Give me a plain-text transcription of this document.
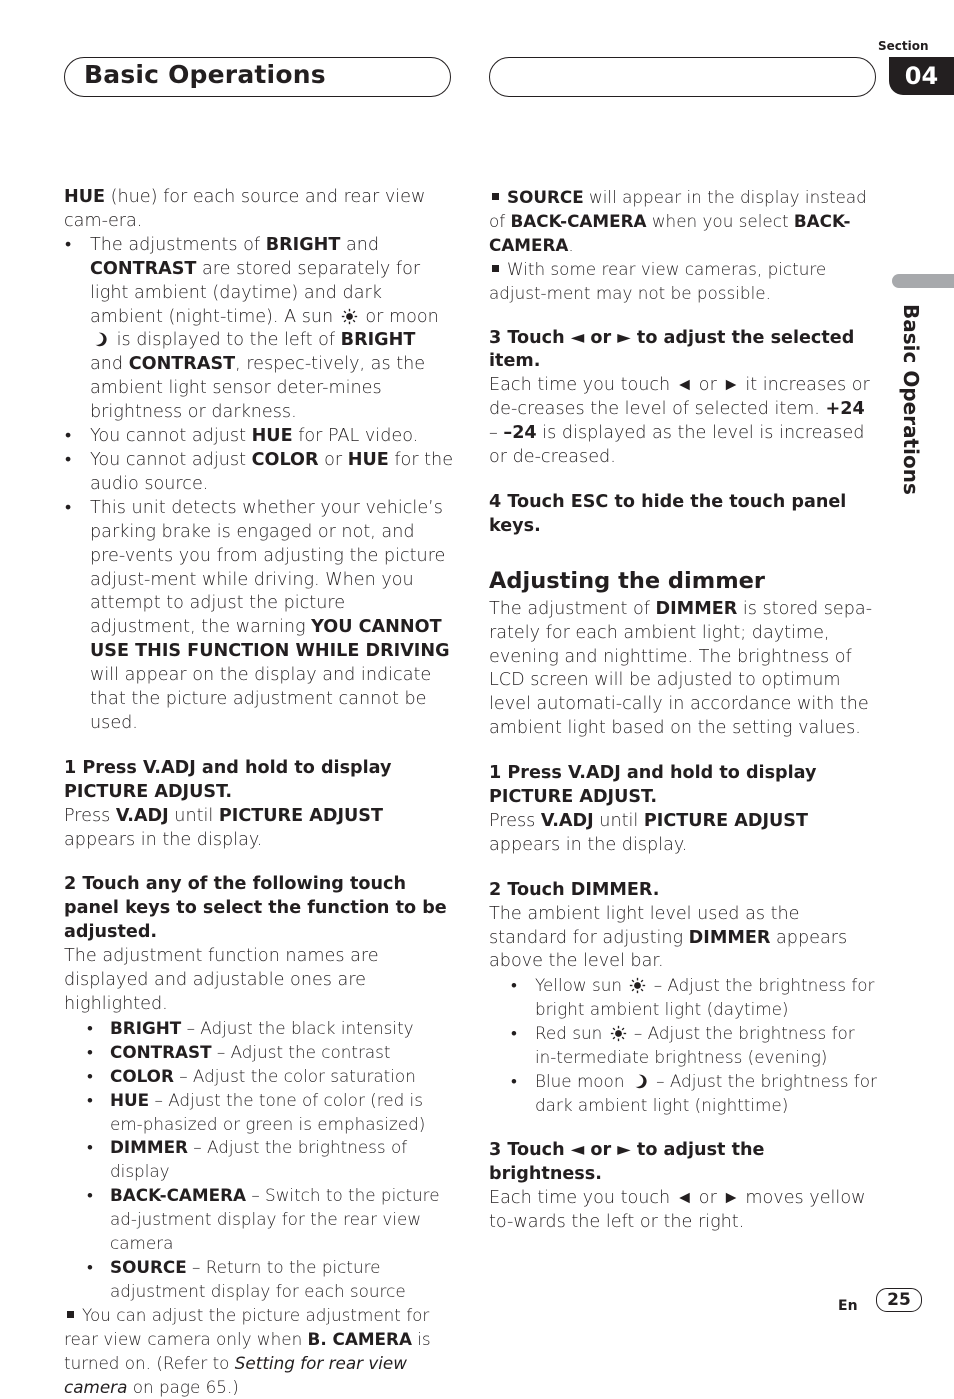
Basic Operations
Section
04
Basic Operations

HUE (hue) for each source and rear view cam-era.

• The adjustments of BRIGHT and CONTRAST are stored separately for light ambient (daytime) and dark ambient (night-time). A sun  or moon  is displayed to the left of BRIGHT and CONTRAST, respec-tively, as the ambient light sensor deter-mines brightness or darkness.

• You cannot adjust HUE for PAL video.

• You cannot adjust COLOR or HUE for the audio source.

• This unit detects whether your vehicle’s parking brake is engaged or not, and pre-vents you from adjusting the picture adjust-ment while driving. When you attempt to adjust the picture adjustment, the warning YOU CANNOT USE THIS FUNCTION WHILE DRIVING will appear on the display and indicate that the picture adjustment cannot be used.

1 Press V.ADJ and hold to display PICTURE ADJUST.

Press V.ADJ until PICTURE ADJUST appears in the display.

2 Touch any of the following touch panel keys to select the function to be adjusted.

The adjustment function names are displayed and adjustable ones are highlighted.

• BRIGHT – Adjust the black intensity

• CONTRAST – Adjust the contrast

• COLOR – Adjust the color saturation

• HUE – Adjust the tone of color (red is em-phasized or green is emphasized)

• DIMMER – Adjust the brightness of display

• BACK-CAMERA – Switch to the picture ad-justment display for the rear view camera

• SOURCE – Return to the picture adjustment display for each source

You can adjust the picture adjustment for rear view camera only when B. CAMERA is turned on. (Refer to Setting for rear view camera on page 65.)

SOURCE will appear in the display instead of BACK-CAMERA when you select BACK-CAMERA.

With some rear view cameras, picture adjust-ment may not be possible.

3 Touch ◄ or ► to adjust the selected item.

Each time you touch ◄ or ► it increases or de-creases the level of selected item. +24 – –24 is displayed as the level is increased or de-creased.

4 Touch ESC to hide the touch panel keys.

Adjusting the dimmer

The adjustment of DIMMER is stored sepa-rately for each ambient light; daytime, evening and nighttime. The brightness of LCD screen will be adjusted to optimum level automati-cally in accordance with the ambient light based on the setting values.

1 Press V.ADJ and hold to display PICTURE ADJUST.

Press V.ADJ until PICTURE ADJUST appears in the display.

2 Touch DIMMER.

The ambient light level used as the standard for adjusting DIMMER appears above the level bar.

• Yellow sun  – Adjust the brightness for bright ambient light (daytime)

• Red sun  – Adjust the brightness for in-termediate brightness (evening)

• Blue moon  – Adjust the brightness for dark ambient light (nighttime)

3 Touch ◄ or ► to adjust the brightness.

Each time you touch ◄ or ► moves yellow to-wards the left or the right.

En	25
